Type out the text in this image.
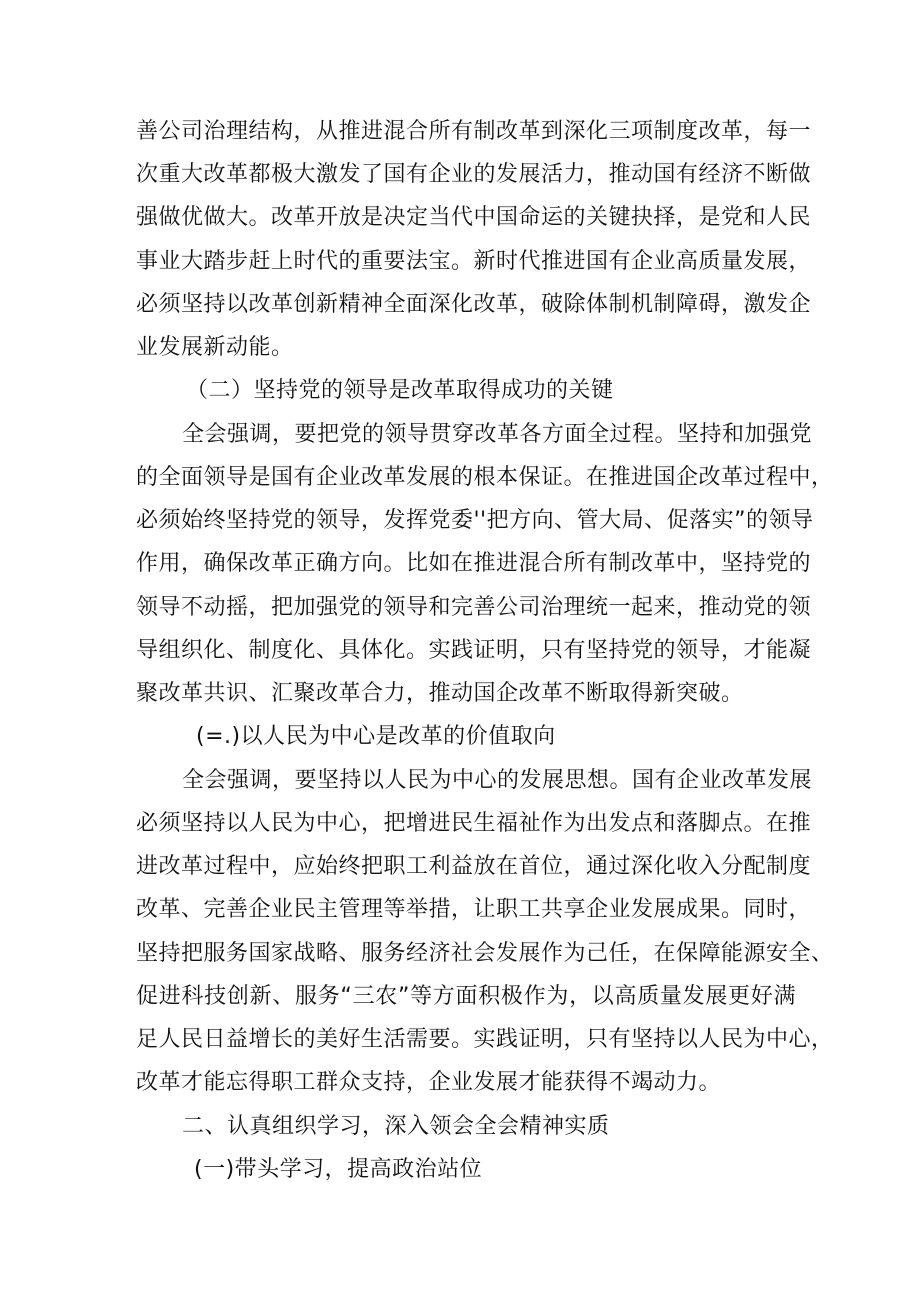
善公司治理结构，从推进混合所有制改革到深化三项制度改革，每一
次重大改革都极大激发了国有企业的发展活力，推动国有经济不断做
强做优做大。改革开放是决定当代中国命运的关键抉择，是党和人民
事业大踏步赶上时代的重要法宝。新时代推进国有企业高质量发展，
必须坚持以改革创新精神全面深化改革，破除体制机制障碍，激发企
业发展新动能。
（二）坚持党的领导是改革取得成功的关键
全会强调，要把党的领导贯穿改革各方面全过程。坚持和加强党
的全面领导是国有企业改革发展的根本保证。在推进国企改革过程中，
必须始终坚持党的领导，发挥党委''把方向、管大局、促落实”的领导
作用，确保改革正确方向。比如在推进混合所有制改革中，坚持党的
领导不动摇，把加强党的领导和完善公司治理统一起来，推动党的领
导组织化、制度化、具体化。实践证明，只有坚持党的领导，才能凝
聚改革共识、汇聚改革合力，推动国企改革不断取得新突破。
(=.)以人民为中心是改革的价值取向
全会强调，要坚持以人民为中心的发展思想。国有企业改革发展
必须坚持以人民为中心，把增进民生福祉作为出发点和落脚点。在推
进改革过程中，应始终把职工利益放在首位，通过深化收入分配制度
改革、完善企业民主管理等举措，让职工共享企业发展成果。同时，
坚持把服务国家战略、服务经济社会发展作为己任，在保障能源安全、
促进科技创新、服务“三农”等方面积极作为，以高质量发展更好满
足人民日益增长的美好生活需要。实践证明，只有坚持以人民为中心，
改革才能忘得职工群众支持，企业发展才能获得不竭动力。
二、认真组织学习，深入领会全会精神实质
(一)带头学习，提高政治站位
